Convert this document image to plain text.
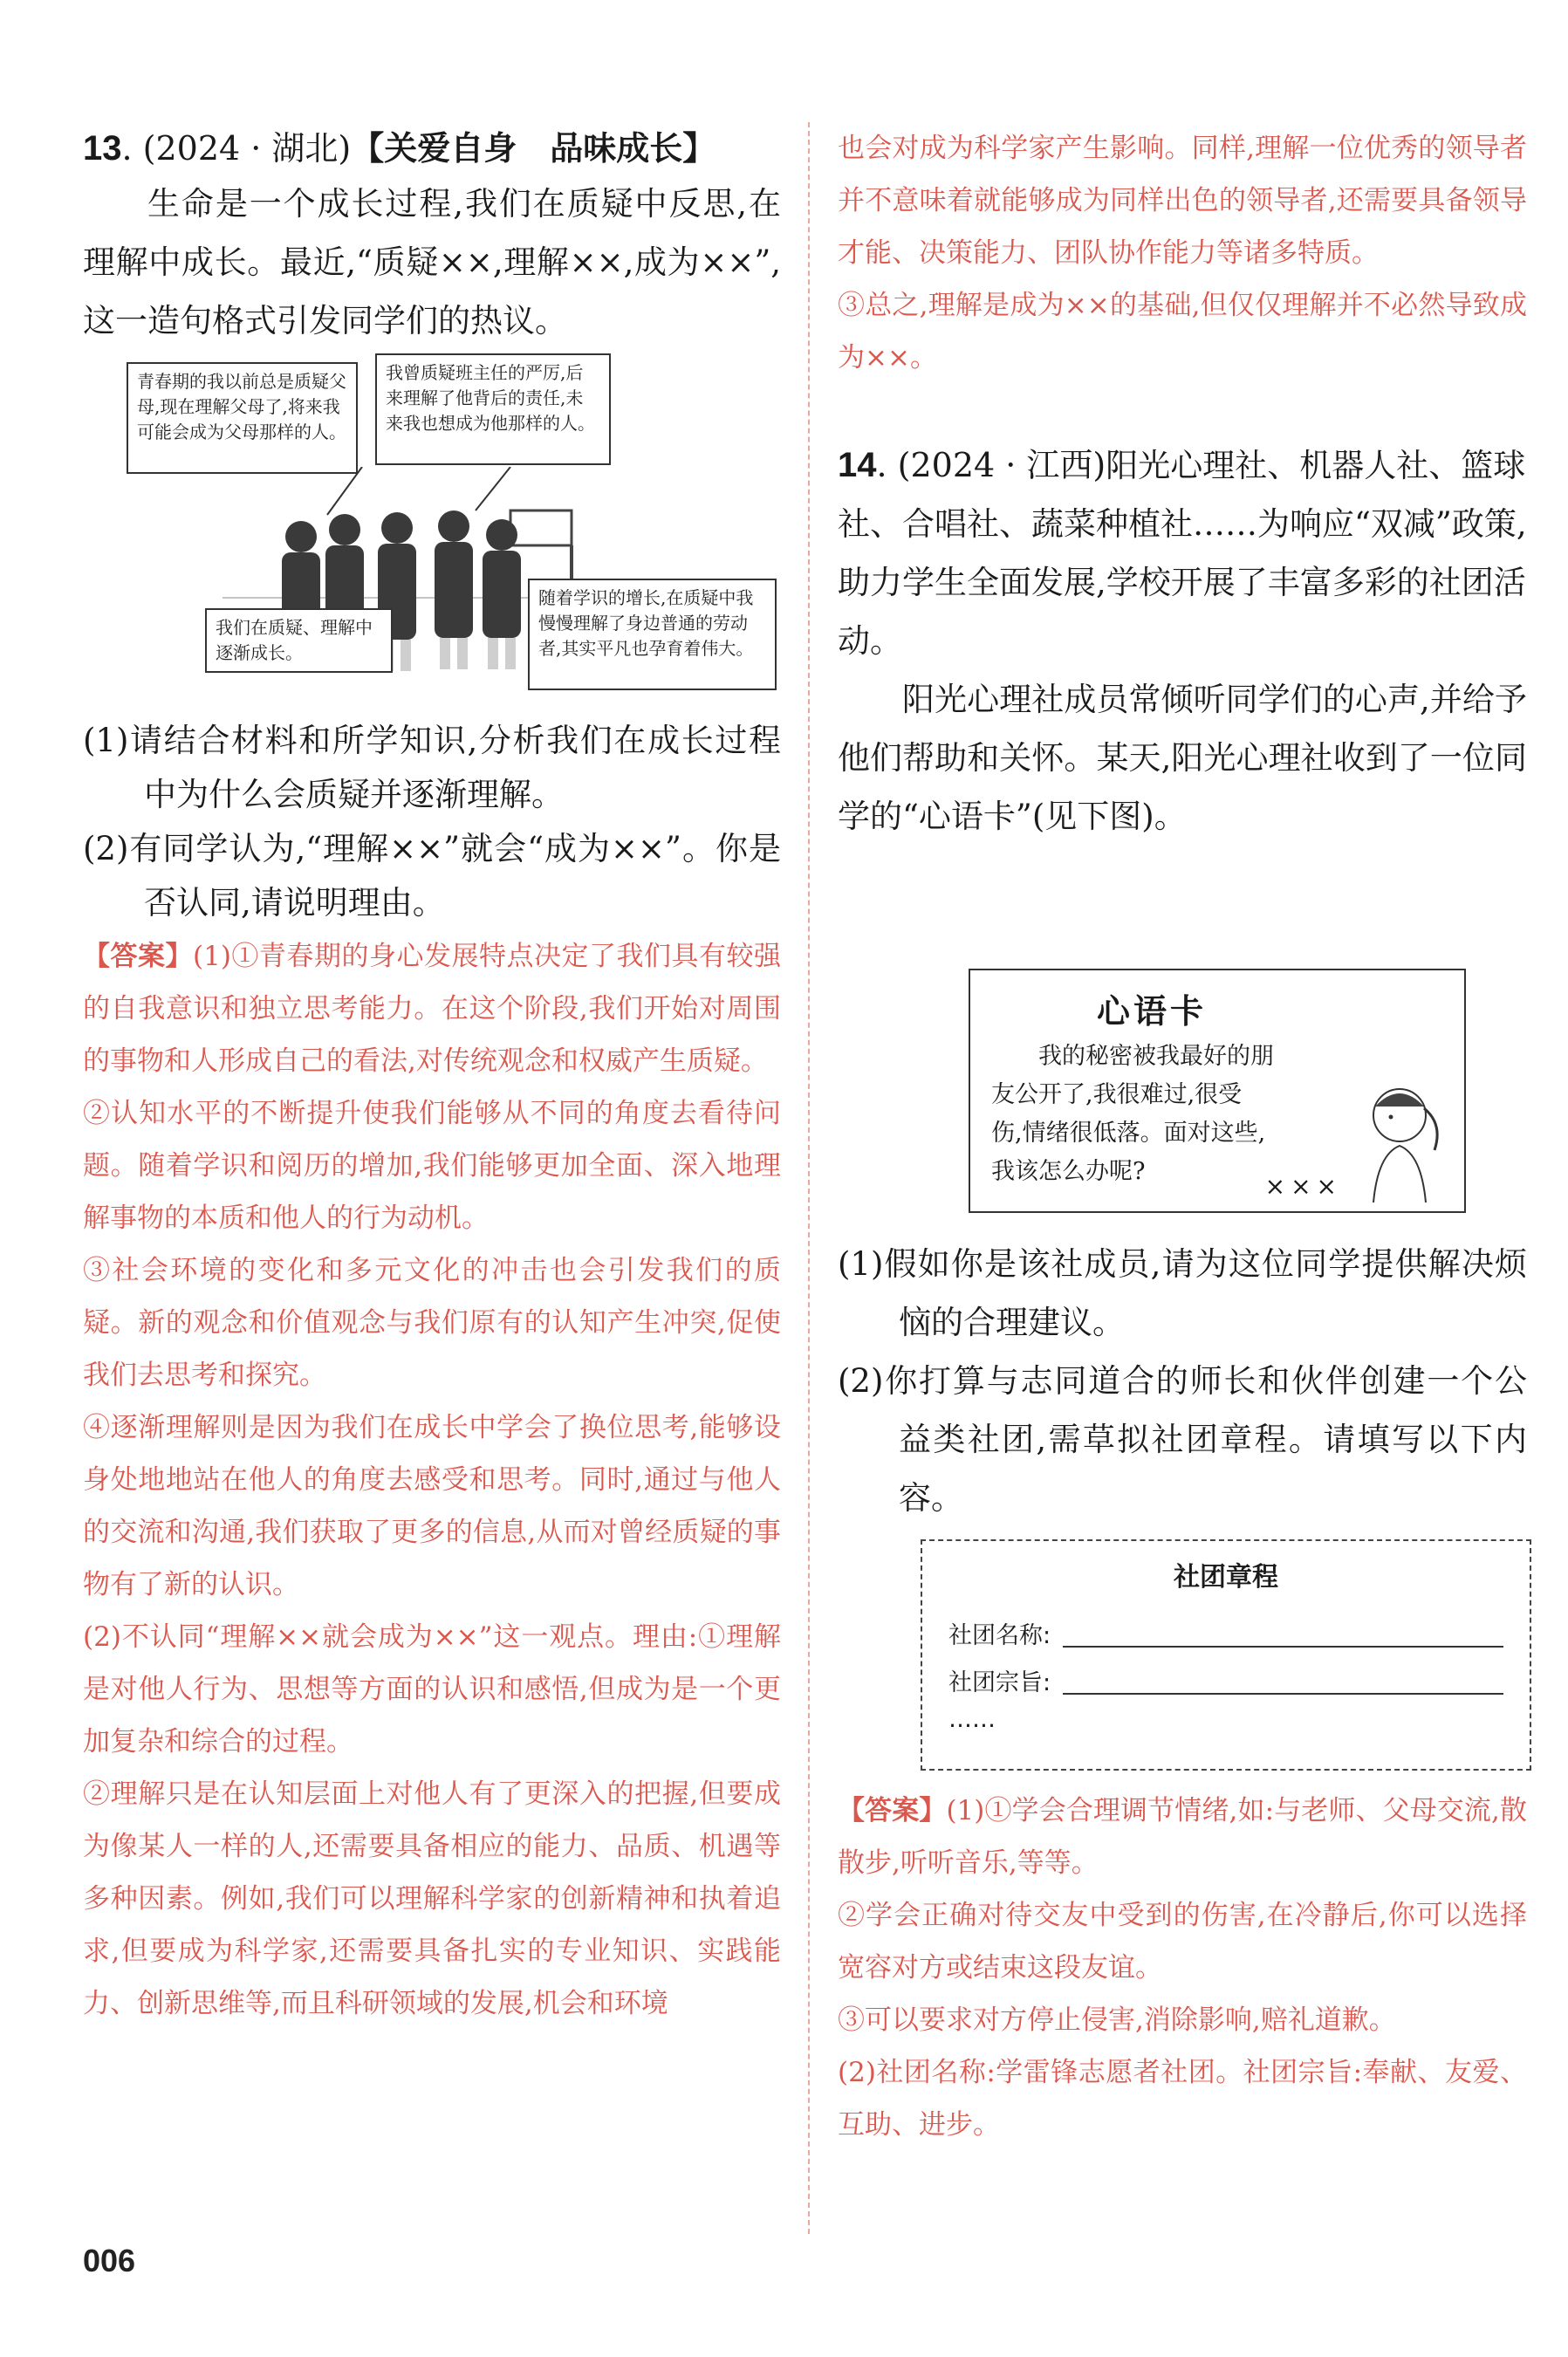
13. (2024 · 湖北)【关爱自身　品味成长】

生命是一个成长过程,我们在质疑中反思,在理解中成长。最近,“质疑××,理解××,成为××”,这一造句格式引发同学们的热议。

青春期的我以前总是质疑父母,现在理解父母了,将来我可能会成为父母那样的人。
我曾质疑班主任的严厉,后来理解了他背后的责任,未来我也想成为他那样的人。
我们在质疑、理解中逐渐成长。
随着学识的增长,在质疑中我慢慢理解了身边普通的劳动者,其实平凡也孕育着伟大。

(1)请结合材料和所学知识,分析我们在成长过程中为什么会质疑并逐渐理解。

(2)有同学认为,“理解××”就会“成为××”。你是否认同,请说明理由。

【答案】(1)①青春期的身心发展特点决定了我们具有较强的自我意识和独立思考能力。在这个阶段,我们开始对周围的事物和人形成自己的看法,对传统观念和权威产生质疑。

②认知水平的不断提升使我们能够从不同的角度去看待问题。随着学识和阅历的增加,我们能够更加全面、深入地理解事物的本质和他人的行为动机。

③社会环境的变化和多元文化的冲击也会引发我们的质疑。新的观念和价值观念与我们原有的认知产生冲突,促使我们去思考和探究。

④逐渐理解则是因为我们在成长中学会了换位思考,能够设身处地地站在他人的角度去感受和思考。同时,通过与他人的交流和沟通,我们获取了更多的信息,从而对曾经质疑的事物有了新的认识。

(2)不认同“理解××就会成为××”这一观点。理由:①理解是对他人行为、思想等方面的认识和感悟,但成为是一个更加复杂和综合的过程。

②理解只是在认知层面上对他人有了更深入的把握,但要成为像某人一样的人,还需要具备相应的能力、品质、机遇等多种因素。例如,我们可以理解科学家的创新精神和执着追求,但要成为科学家,还需要具备扎实的专业知识、实践能力、创新思维等,而且科研领域的发展,机会和环境

也会对成为科学家产生影响。同样,理解一位优秀的领导者并不意味着就能够成为同样出色的领导者,还需要具备领导才能、决策能力、团队协作能力等诸多特质。

③总之,理解是成为××的基础,但仅仅理解并不必然导致成为××。

14. (2024 · 江西)阳光心理社、机器人社、篮球社、合唱社、蔬菜种植社……为响应“双减”政策,助力学生全面发展,学校开展了丰富多彩的社团活动。

阳光心理社成员常倾听同学们的心声,并给予他们帮助和关怀。某天,阳光心理社收到了一位同学的“心语卡”(见下图)。

心语卡
我的秘密被我最好的朋
友公开了,我很难过,很受
伤,情绪很低落。面对这些,
我该怎么办呢?
×××

(1)假如你是该社成员,请为这位同学提供解决烦恼的合理建议。

(2)你打算与志同道合的师长和伙伴创建一个公益类社团,需草拟社团章程。请填写以下内容。

社团章程
社团名称:
社团宗旨:
……

【答案】(1)①学会合理调节情绪,如:与老师、父母交流,散散步,听听音乐,等等。

②学会正确对待交友中受到的伤害,在冷静后,你可以选择宽容对方或结束这段友谊。

③可以要求对方停止侵害,消除影响,赔礼道歉。

(2)社团名称:学雷锋志愿者社团。社团宗旨:奉献、友爱、互助、进步。

006
